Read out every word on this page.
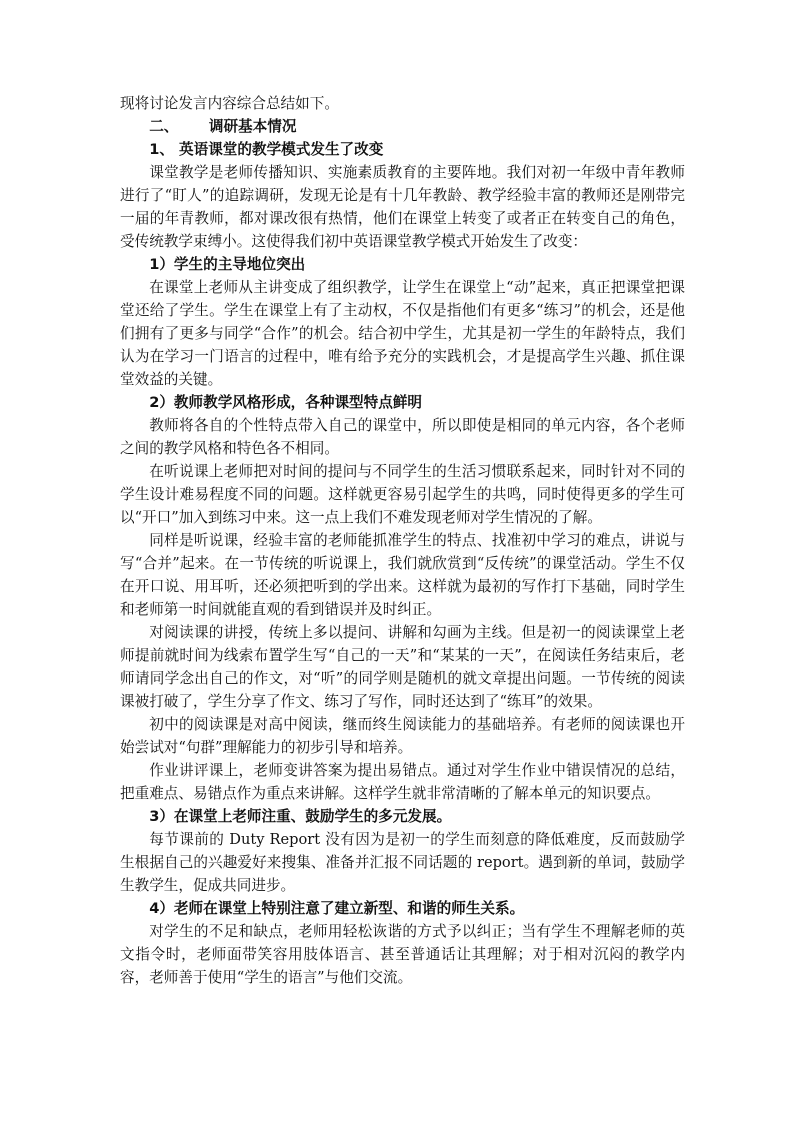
现将讨论发言内容综合总结如下。

二、      调研基本情况

1、 英语课堂的教学模式发生了改变

课堂教学是老师传播知识、实施素质教育的主要阵地。我们对初一年级中青年教师进行了“盯人”的追踪调研，发现无论是有十几年教龄、教学经验丰富的教师还是刚带完一届的年青教师，都对课改很有热情，他们在课堂上转变了或者正在转变自己的角色，受传统教学束缚小。这使得我们初中英语课堂教学模式开始发生了改变：

1）学生的主导地位突出

在课堂上老师从主讲变成了组织教学，让学生在课堂上“动”起来，真正把课堂把课堂还给了学生。学生在课堂上有了主动权，不仅是指他们有更多“练习”的机会，还是他们拥有了更多与同学“合作”的机会。结合初中学生，尤其是初一学生的年龄特点，我们认为在学习一门语言的过程中，唯有给予充分的实践机会，才是提高学生兴趣、抓住课堂效益的关键。

2）教师教学风格形成，各种课型特点鲜明

教师将各自的个性特点带入自己的课堂中，所以即使是相同的单元内容，各个老师之间的教学风格和特色各不相同。

在听说课上老师把对时间的提问与不同学生的生活习惯联系起来，同时针对不同的学生设计难易程度不同的问题。这样就更容易引起学生的共鸣，同时使得更多的学生可以“开口”加入到练习中来。这一点上我们不难发现老师对学生情况的了解。

同样是听说课，经验丰富的老师能抓准学生的特点、找准初中学习的难点，讲说与写“合并”起来。在一节传统的听说课上，我们就欣赏到“反传统”的课堂活动。学生不仅在开口说、用耳听，还必须把听到的学出来。这样就为最初的写作打下基础，同时学生和老师第一时间就能直观的看到错误并及时纠正。

对阅读课的讲授，传统上多以提问、讲解和勾画为主线。但是初一的阅读课堂上老师提前就时间为线索布置学生写“自己的一天”和“某某的一天”，在阅读任务结束后，老师请同学念出自己的作文，对“听”的同学则是随机的就文章提出问题。一节传统的阅读课被打破了，学生分享了作文、练习了写作，同时还达到了“练耳”的效果。

初中的阅读课是对高中阅读，继而终生阅读能力的基础培养。有老师的阅读课也开始尝试对“句群”理解能力的初步引导和培养。

作业讲评课上，老师变讲答案为提出易错点。通过对学生作业中错误情况的总结，把重难点、易错点作为重点来讲解。这样学生就非常清晰的了解本单元的知识要点。

3）在课堂上老师注重、鼓励学生的多元发展。

每节课前的 Duty Report 没有因为是初一的学生而刻意的降低难度，反而鼓励学生根据自己的兴趣爱好来搜集、准备并汇报不同话题的 report。遇到新的单词，鼓励学生教学生，促成共同进步。

4）老师在课堂上特别注意了建立新型、和谐的师生关系。

对学生的不足和缺点，老师用轻松诙谐的方式予以纠正；当有学生不理解老师的英文指令时，老师面带笑容用肢体语言、甚至普通话让其理解；对于相对沉闷的教学内容，老师善于使用“学生的语言”与他们交流。
